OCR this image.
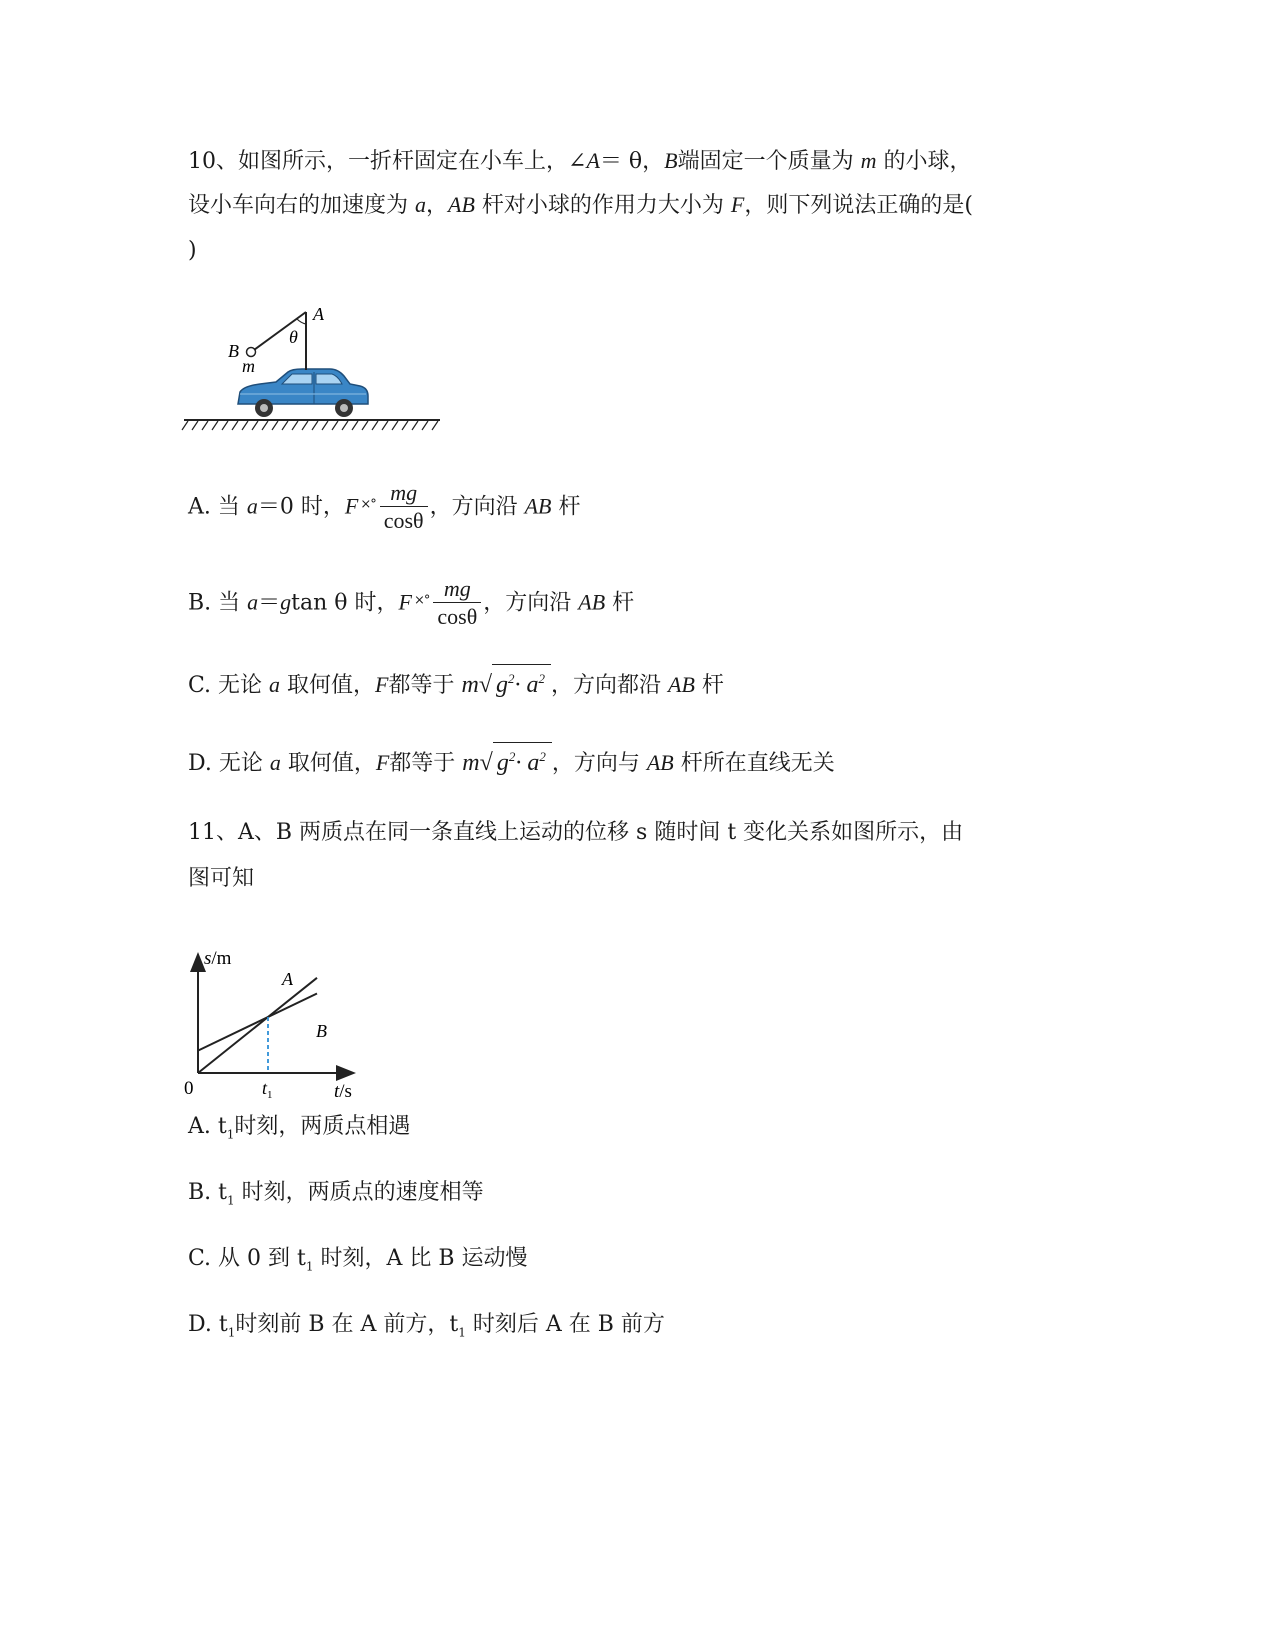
10、如图所示，一折杆固定在小车上，∠A＝ θ，B端固定一个质量为 m 的小球，
设小车向右的加速度为 a，AB 杆对小球的作用力大小为 F，则下列说法正确的是(
)
A
B
m
θ
A. 当 a＝0 时，F ×° $\frac{mg}{\cos\theta}$ ，方向沿 AB 杆
B. 当 a＝gtan θ 时，F ×° $\frac{mg}{\cos\theta}$ ，方向沿 AB 杆
C. 无论 a 取何值，F都等于 m√ $g^2\cdot a^2$ ，方向都沿 AB 杆
D. 无论 a 取何值，F都等于 m√ $g^2\cdot a^2$ ，方向与 AB 杆所在直线无关
11、A、B 两质点在同一条直线上运动的位移 s 随时间 t 变化关系如图所示，由
图可知
A
B
0
s/m
t/s
$t_1$
A. $t_1$时刻，两质点相遇
B. $t_1$ 时刻，两质点的速度相等
C. 从 0 到 $t_1$ 时刻，A 比 B 运动慢
D. $t_1$时刻前 B 在 A 前方，$t_1$ 时刻后 A 在 B 前方
